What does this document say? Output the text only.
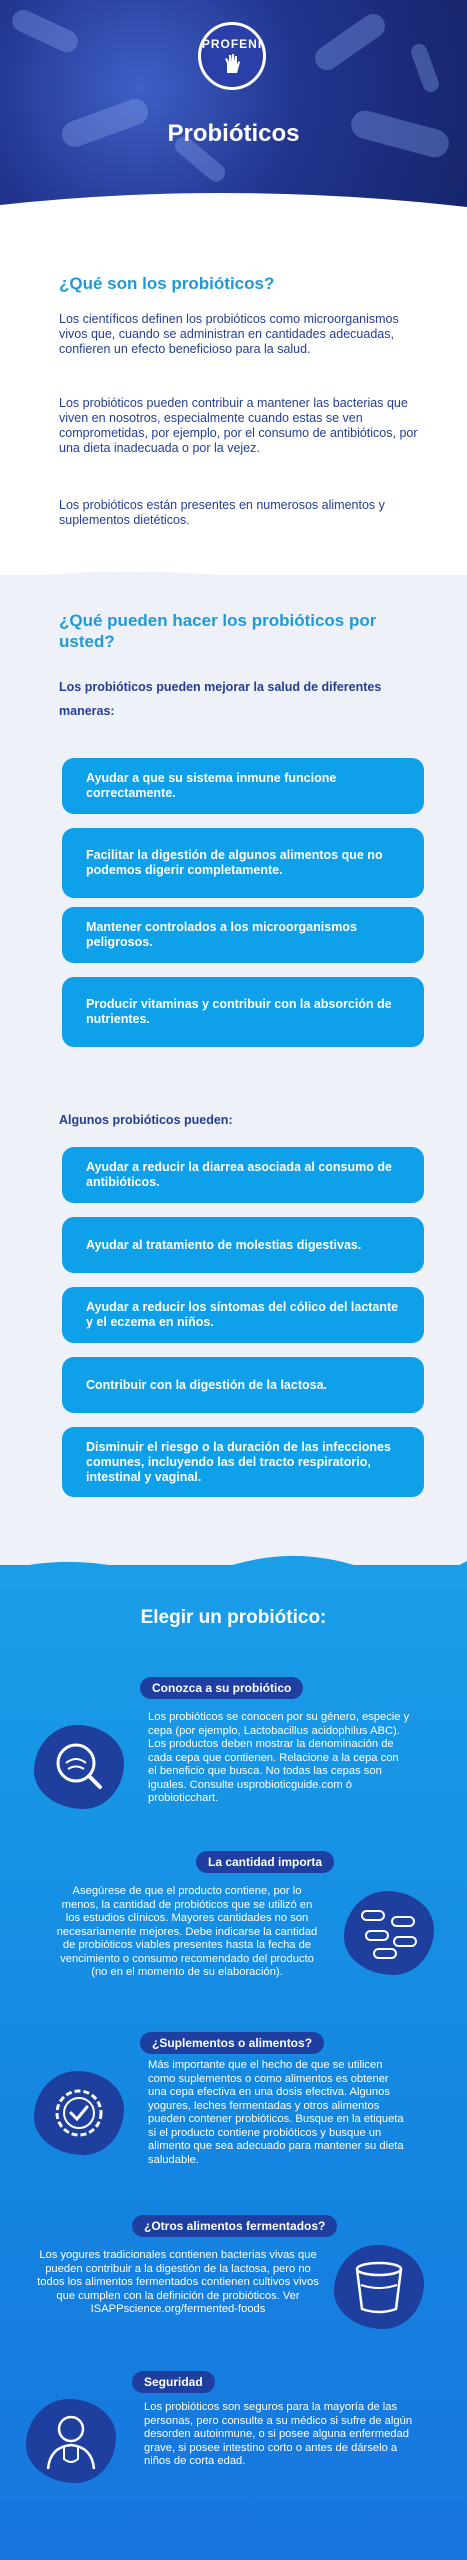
PROFENI
Probióticos
¿Qué son los probióticos?

Los científicos definen los probióticos como microorganismos vivos que, cuando se administran en cantidades adecuadas, confieren un efecto beneficioso para la salud.

Los probióticos pueden contribuir a mantener las bacterias que viven en nosotros, especialmente cuando estas se ven comprometidas, por ejemplo, por el consumo de antibióticos, por una dieta inadecuada o por la vejez.

Los probióticos están presentes en numerosos alimentos y suplementos dietéticos.

¿Qué pueden hacer los probióticos por usted?
Los probióticos pueden mejorar la salud de diferentes maneras:
Ayudar a que su sistema inmune funcione correctamente.
Facilitar la digestión de algunos alimentos que no podemos digerir completamente.
Mantener controlados a los microorganismos peligrosos.
Producir vitaminas y contribuir con la absorción de nutrientes.
Algunos probióticos pueden:
Ayudar a reducir la diarrea asociada al consumo de antibióticos.
Ayudar al tratamiento de molestias digestivas.
Ayudar a reducir los síntomas del cólico del lactante y el eczema en niños.
Contribuir con la digestión de la lactosa.
Disminuir el riesgo o la duración de las infecciones comunes, incluyendo las del tracto respiratorio, intestinal y vaginal.
Elegir un probiótico:
Conozca a su probiótico

Los probióticos se conocen por su género, especie y cepa (por ejemplo, Lactobacillus acidophilus ABC). Los productos deben mostrar la denominación de cada cepa que contienen. Relacione a la cepa con el beneficio que busca. No todas las cepas son iguales. Consulte usprobioticguide.com ó probioticchart.

La cantidad importa

Asegúrese de que el producto contiene, por lo menos, la cantidad de probióticos que se utilizó en los estudios clínicos. Mayores cantidades no son necesariamente mejores. Debe indicarse la cantidad de probióticos viables presentes hasta la fecha de vencimiento o consumo recomendado del producto (no en el momento de su elaboración).

¿Suplementos o alimentos?

Más importante que el hecho de que se utilicen como suplementos o como alimentos es obtener una cepa efectiva en una dosis efectiva. Algunos yogures, leches fermentadas y otros alimentos pueden contener probióticos. Busque en la etiqueta si el producto contiene probióticos y busque un alimento que sea adecuado para mantener su dieta saludable.

¿Otros alimentos fermentados?

Los yogures tradicionales contienen bacterias vivas que pueden contribuir a la digestión de la lactosa, pero no todos los alimentos fermentados contienen cultivos vivos que cumplen con la definición de probióticos. Ver ISAPPscience.org/fermented-foods

Seguridad

Los probióticos son seguros para la mayoría de las personas, pero consulte a su médico si sufre de algún desorden autoinmune, o si posee alguna enfermedad grave, si posee intestino corto o antes de dárselo a niños de corta edad.
